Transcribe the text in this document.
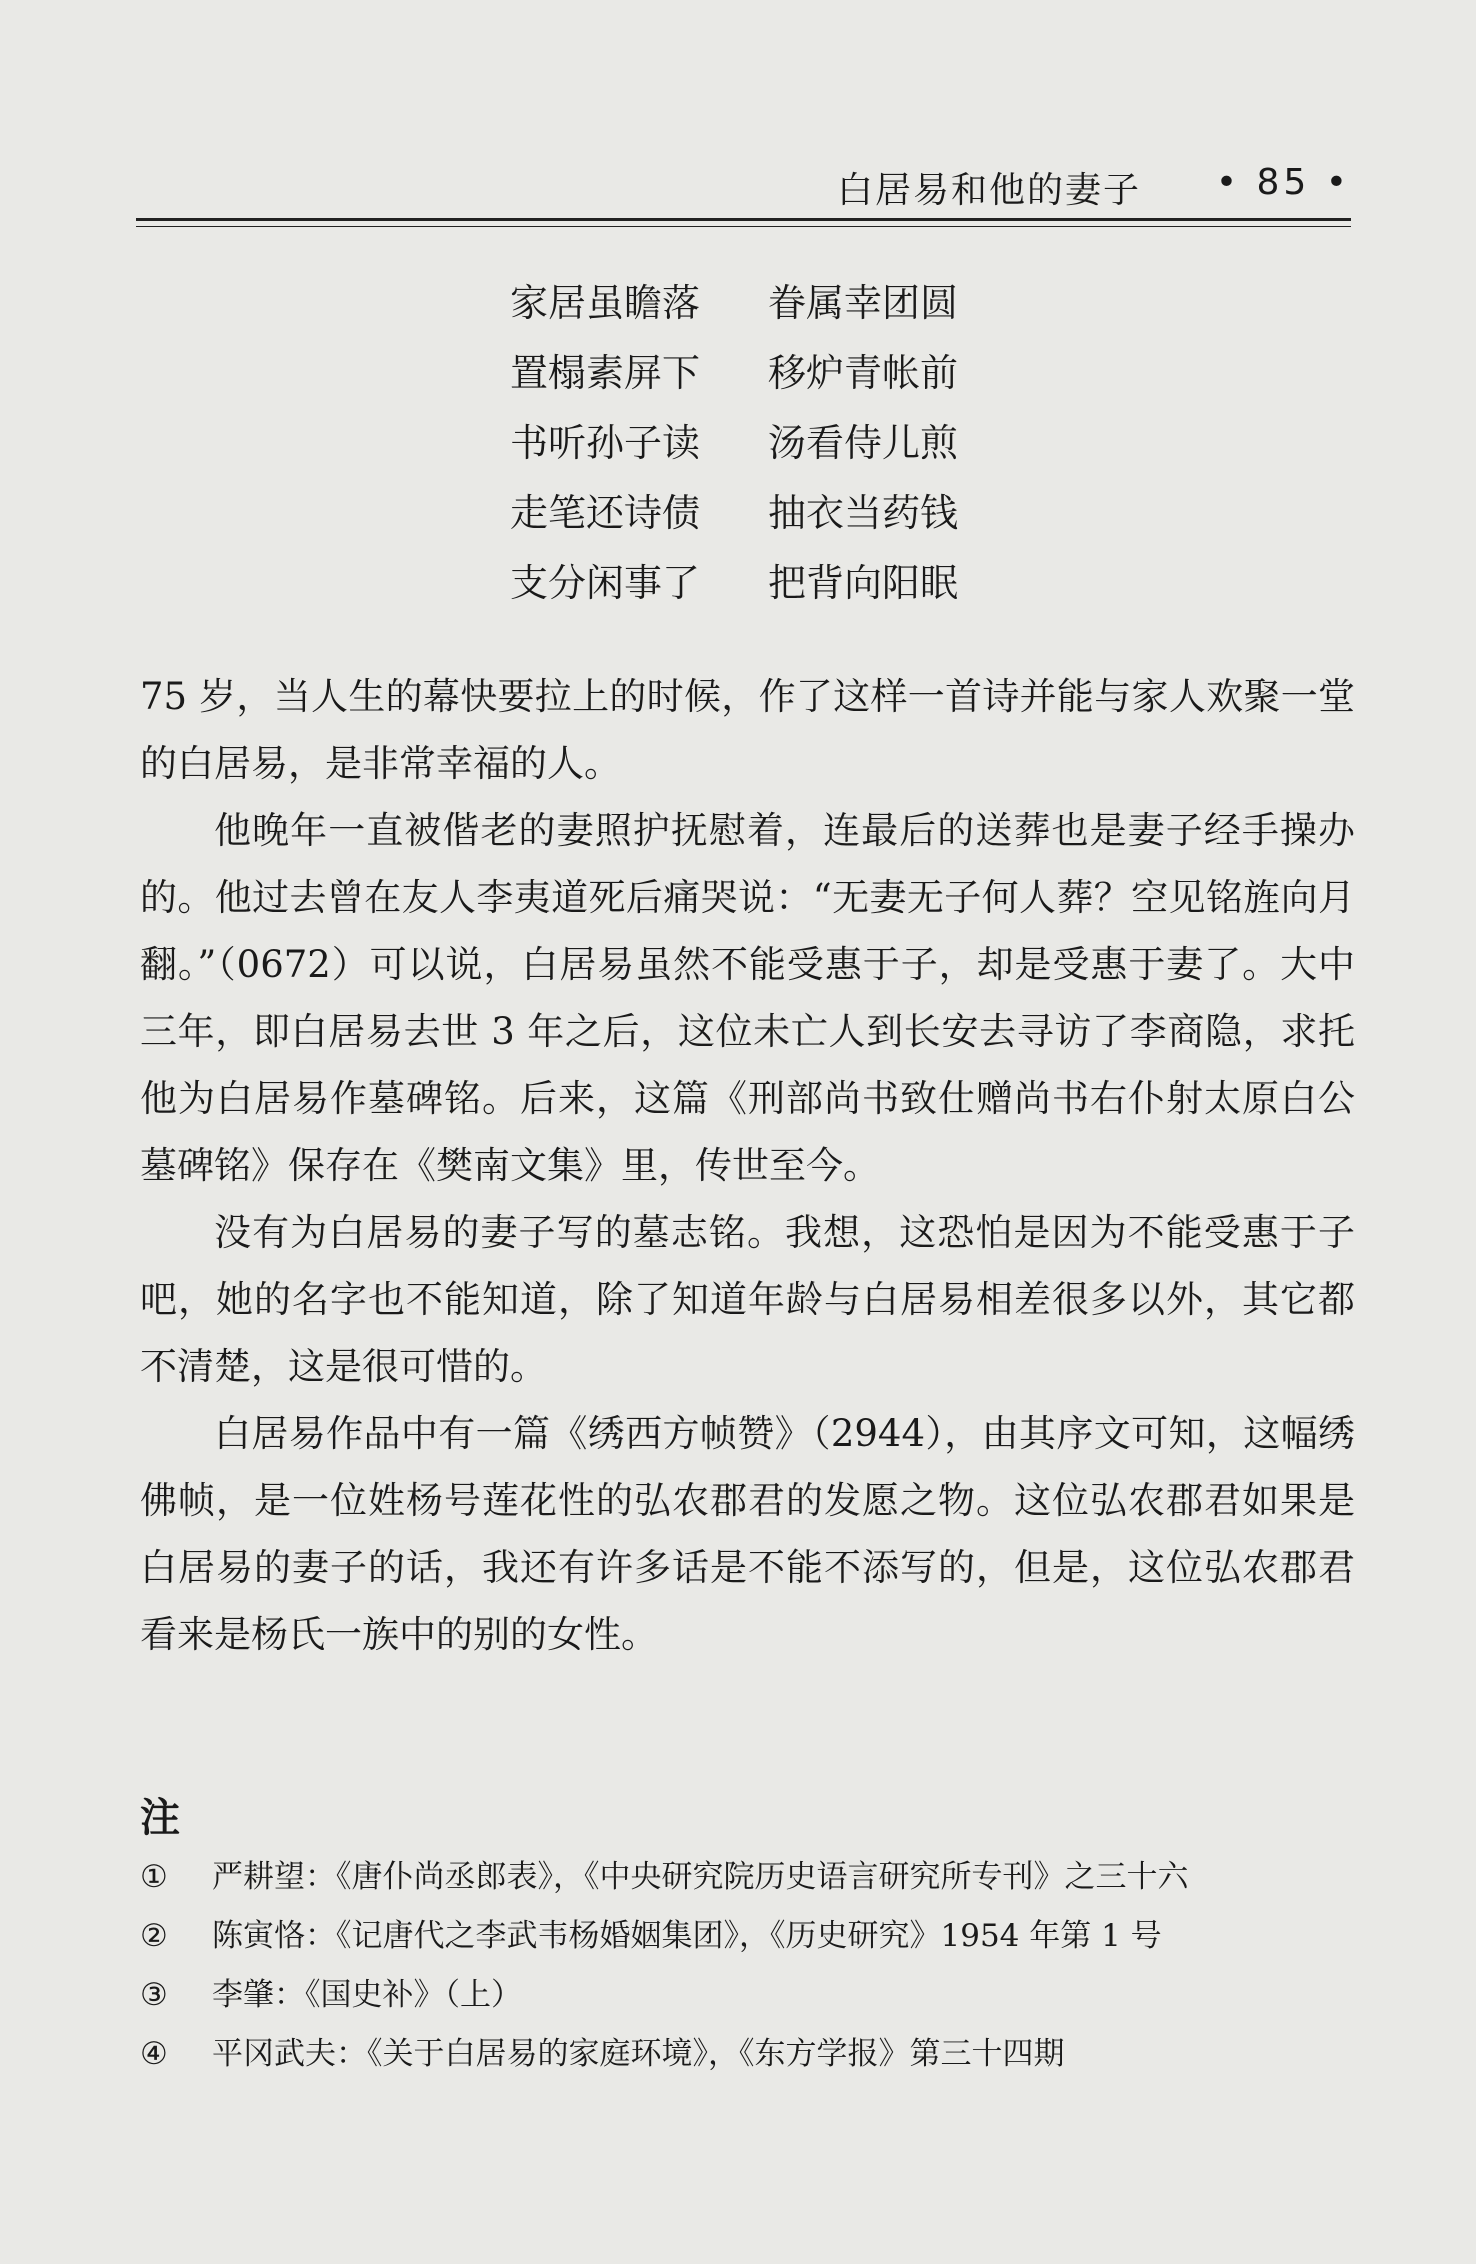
白居易和他的妻子 • 85 •
家居虽瞻落 眷属幸团圆
置榻素屏下 移炉青帐前
书听孙子读 汤看侍儿煎
走笔还诗债 抽衣当药钱
支分闲事了 把背向阳眠

75 岁，当人生的幕快要拉上的时候，作了这样一首诗并能与家人欢聚一堂的白居易，是非常幸福的人。

他晚年一直被偕老的妻照护抚慰着，连最后的送葬也是妻子经手操办的。他过去曾在友人李夷道死后痛哭说：“无妻无子何人葬？空见铭旌向月翻。”（0672）可以说，白居易虽然不能受惠于子，却是受惠于妻了。大中三年，即白居易去世 3 年之后，这位未亡人到长安去寻访了李商隐，求托他为白居易作墓碑铭。后来，这篇《刑部尚书致仕赠尚书右仆射太原白公墓碑铭》保存在《樊南文集》里，传世至今。

没有为白居易的妻子写的墓志铭。我想，这恐怕是因为不能受惠于子吧，她的名字也不能知道，除了知道年龄与白居易相差很多以外，其它都不清楚，这是很可惜的。

白居易作品中有一篇《绣西方帧赞》（2944），由其序文可知，这幅绣佛帧，是一位姓杨号莲花性的弘农郡君的发愿之物。这位弘农郡君如果是白居易的妻子的话，我还有许多话是不能不添写的，但是，这位弘农郡君看来是杨氏一族中的别的女性。

注
①	严耕望：《唐仆尚丞郎表》，《中央研究院历史语言研究所专刊》之三十六
②	陈寅恪：《记唐代之李武韦杨婚姻集团》，《历史研究》1954 年第 1 号
③	李肇：《国史补》（上）
④	平冈武夫：《关于白居易的家庭环境》，《东方学报》第三十四期
